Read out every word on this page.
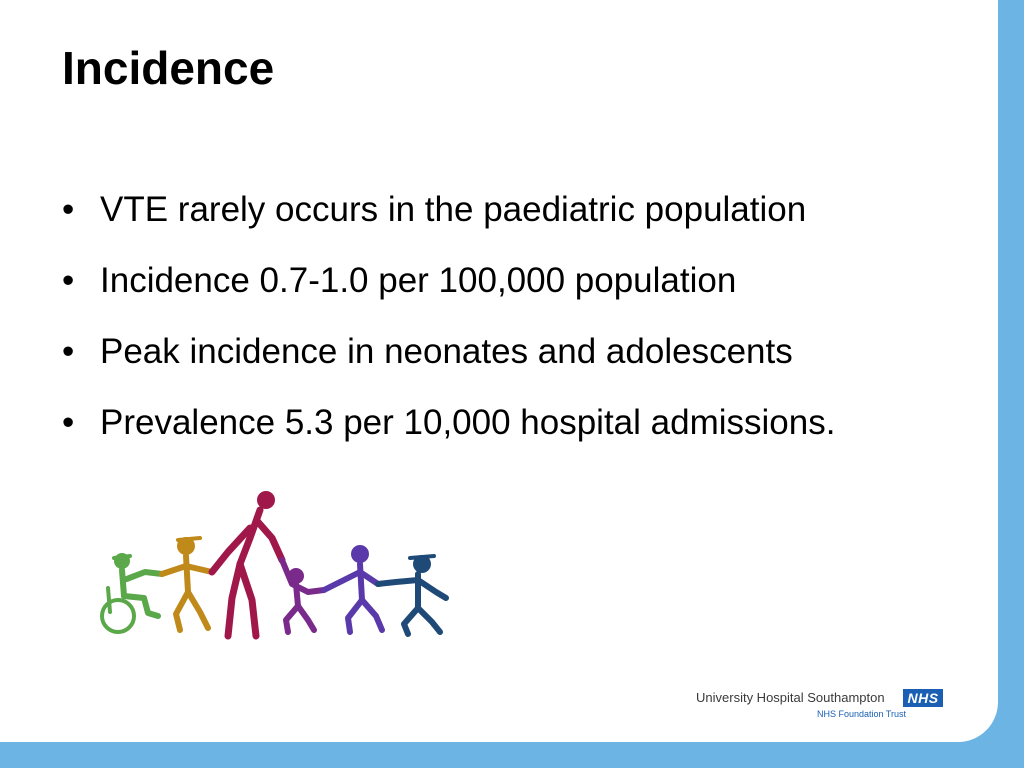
Incidence
• VTE rarely occurs in the paediatric population
• Incidence 0.7-1.0 per 100,000 population
• Peak incidence in neonates and adolescents
• Prevalence 5.3 per 10,000 hospital admissions.
University Hospital Southampton	NHS
NHS Foundation Trust
